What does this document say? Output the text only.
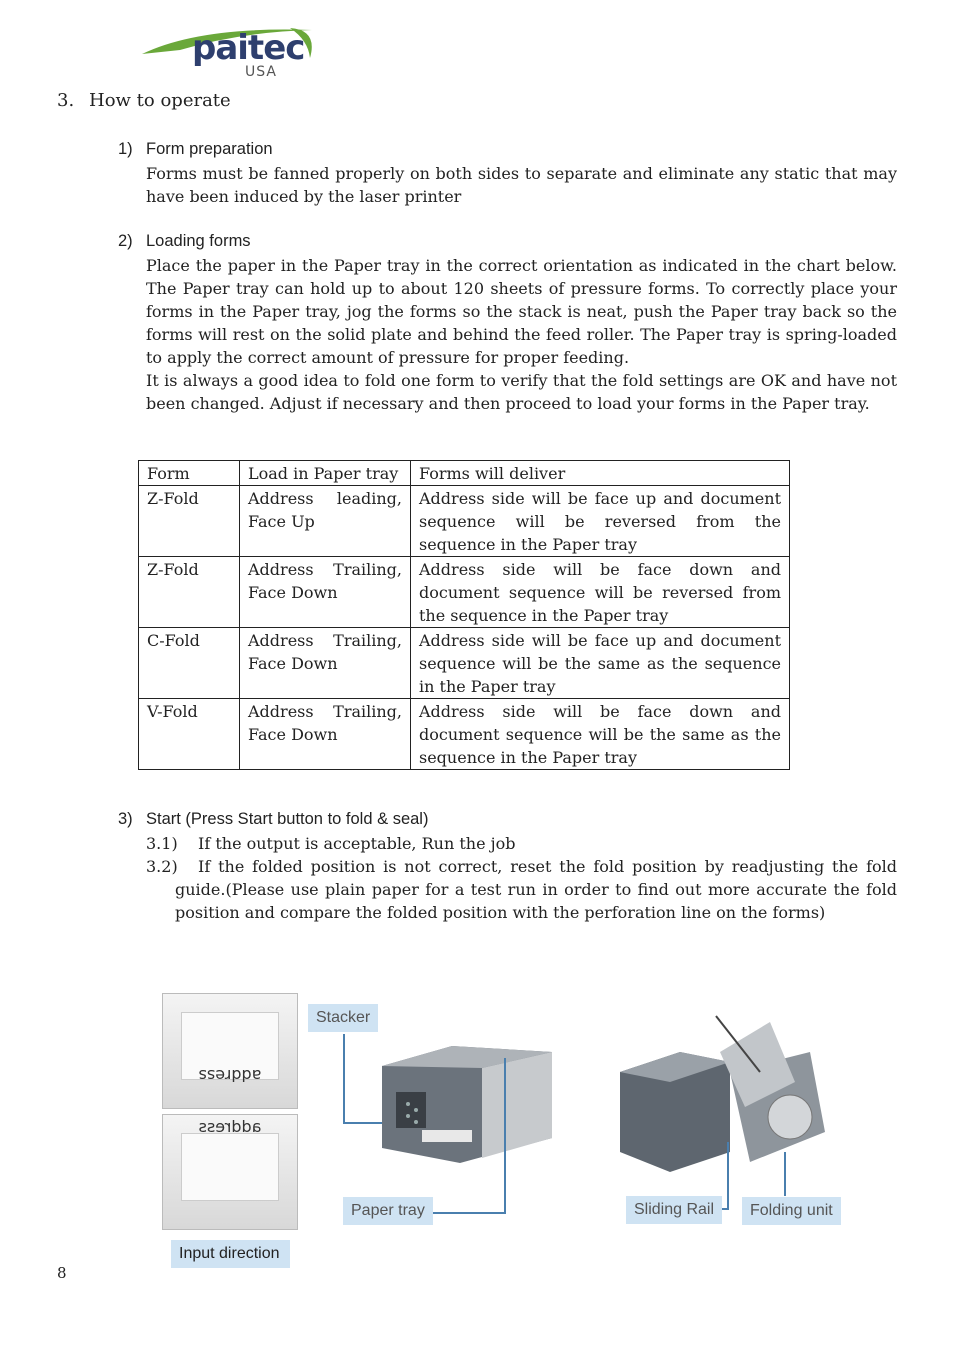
paitec
USA
3. How to operate
1) Form preparation

Forms must be fanned properly on both sides to separate and eliminate any static that may have been induced by the laser printer

2) Loading forms

Place the paper in the Paper tray in the correct orientation as indicated in the chart below. The Paper tray can hold up to about 120 sheets of pressure forms. To correctly place your forms in the Paper tray, jog the forms so the stack is neat, push the Paper tray back so the forms will rest on the solid plate and behind the feed roller. The Paper tray is spring-loaded to apply the correct amount of pressure for proper feeding.

It is always a good idea to fold one form to verify that the fold settings are OK and have not been changed. Adjust if necessary and then proceed to load your forms in the Paper tray.

Form	Load in Paper tray	Forms will deliver
Z-Fold	Address leading, Face Up	Address side will be face up and document sequence will be reversed from the sequence in the Paper tray
Z-Fold	Address Trailing, Face Down	Address side will be face down and document sequence will be reversed from the sequence in the Paper tray
C-Fold	Address Trailing, Face Down	Address side will be face up and document sequence will be the same as the sequence in the Paper tray
V-Fold	Address Trailing, Face Down	Address side will be face down and document sequence will be the same as the sequence in the Paper tray
3) Start (Press Start button to fold & seal)
3.1)	If the output is acceptable, Run the job
3.2)	If the folded position is not correct, reset the fold position by readjusting the fold
guide.(Please use plain paper for a test run in order to find out more accurate the fold position and compare the folded position with the perforation line on the forms)
address
address
Input direction
Stacker
Paper tray	Sliding Rail	Folding unit
8
